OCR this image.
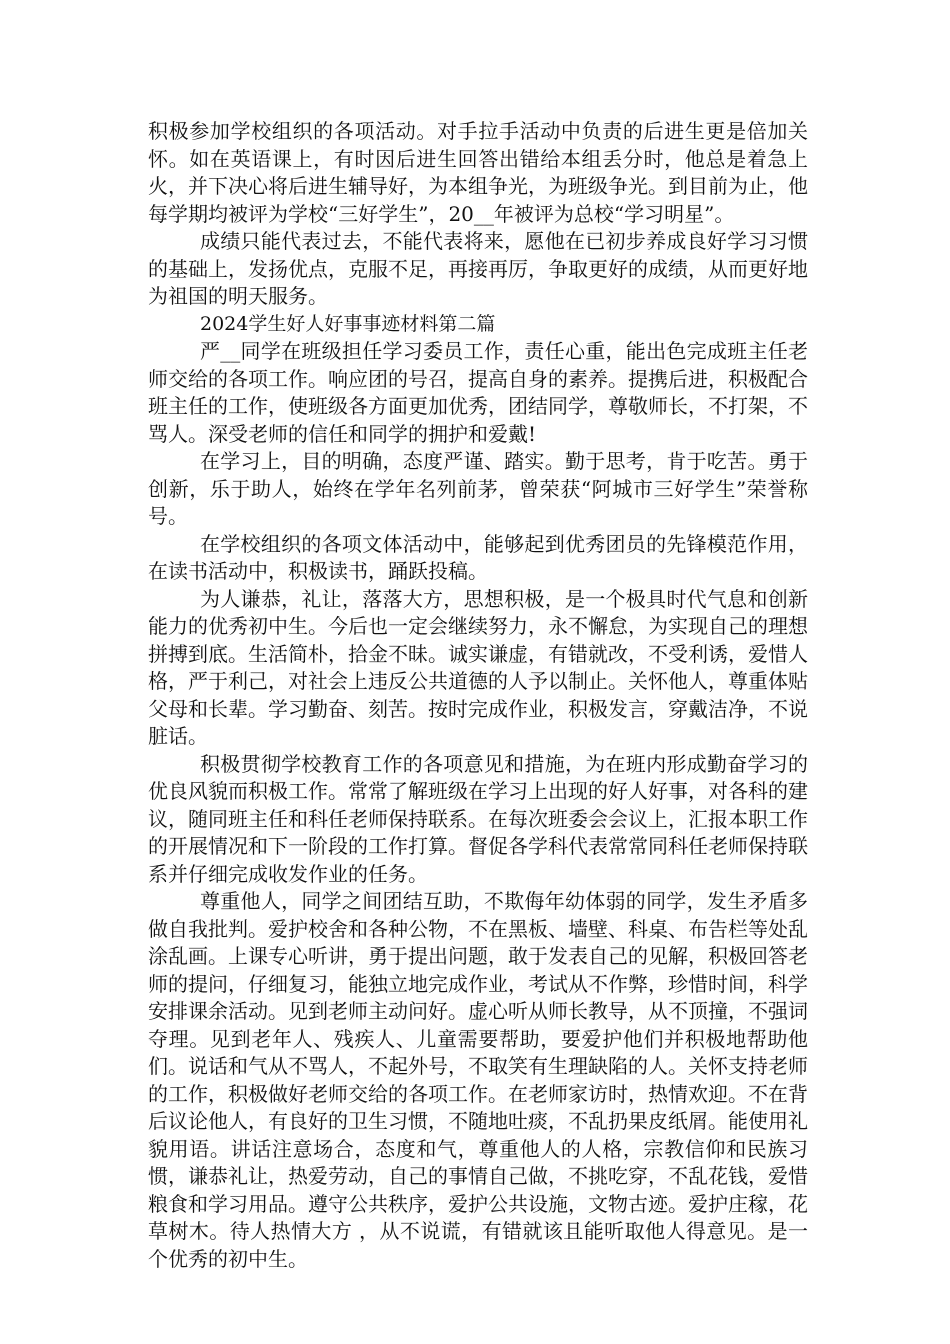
积极参加学校组织的各项活动。对手拉手活动中负责的后进生更是倍加关怀。如在英语课上，有时因后进生回答出错给本组丢分时，他总是着急上火，并下决心将后进生辅导好，为本组争光，为班级争光。到目前为止，他每学期均被评为学校“三好学生”，20__年被评为总校“学习明星”。

成绩只能代表过去，不能代表将来，愿他在已初步养成良好学习习惯的基础上，发扬优点，克服不足，再接再厉，争取更好的成绩，从而更好地为祖国的明天服务。

2024学生好人好事事迹材料第二篇

严__同学在班级担任学习委员工作，责任心重，能出色完成班主任老师交给的各项工作。响应团的号召，提高自身的素养。提携后进，积极配合班主任的工作，使班级各方面更加优秀，团结同学，尊敬师长，不打架，不骂人。深受老师的信任和同学的拥护和爱戴!

在学习上，目的明确，态度严谨、踏实。勤于思考，肯于吃苦。勇于创新，乐于助人，始终在学年名列前茅，曾荣获“阿城市三好学生”荣誉称号。

在学校组织的各项文体活动中，能够起到优秀团员的先锋模范作用，在读书活动中，积极读书，踊跃投稿。

为人谦恭，礼让，落落大方，思想积极，是一个极具时代气息和创新能力的优秀初中生。今后也一定会继续努力，永不懈怠，为实现自己的理想拼搏到底。生活简朴，拾金不昧。诚实谦虚，有错就改，不受利诱，爱惜人格，严于利己，对社会上违反公共道德的人予以制止。关怀他人，尊重体贴父母和长辈。学习勤奋、刻苦。按时完成作业，积极发言，穿戴洁净，不说脏话。

积极贯彻学校教育工作的各项意见和措施，为在班内形成勤奋学习的优良风貌而积极工作。常常了解班级在学习上出现的好人好事，对各科的建议，随同班主任和科任老师保持联系。在每次班委会会议上，汇报本职工作的开展情况和下一阶段的工作打算。督促各学科代表常常同科任老师保持联系并仔细完成收发作业的任务。

尊重他人，同学之间团结互助，不欺侮年幼体弱的同学，发生矛盾多做自我批判。爱护校舍和各种公物，不在黑板、墙壁、科桌、布告栏等处乱涂乱画。上课专心听讲，勇于提出问题，敢于发表自己的见解，积极回答老师的提问，仔细复习，能独立地完成作业，考试从不作弊，珍惜时间，科学安排课余活动。见到老师主动问好。虚心听从师长教导，从不顶撞，不强词夺理。见到老年人、残疾人、儿童需要帮助，要爱护他们并积极地帮助他们。说话和气从不骂人，不起外号，不取笑有生理缺陷的人。关怀支持老师的工作，积极做好老师交给的各项工作。在老师家访时，热情欢迎。不在背后议论他人，有良好的卫生习惯，不随地吐痰，不乱扔果皮纸屑。能使用礼貌用语。讲话注意场合，态度和气，尊重他人的人格，宗教信仰和民族习惯，谦恭礼让，热爱劳动，自己的事情自己做，不挑吃穿，不乱花钱，爱惜粮食和学习用品。遵守公共秩序，爱护公共设施，文物古迹。爱护庄稼，花草树木。待人热情大方 ，从不说谎，有错就该且能听取他人得意见。是一个优秀的初中生。
